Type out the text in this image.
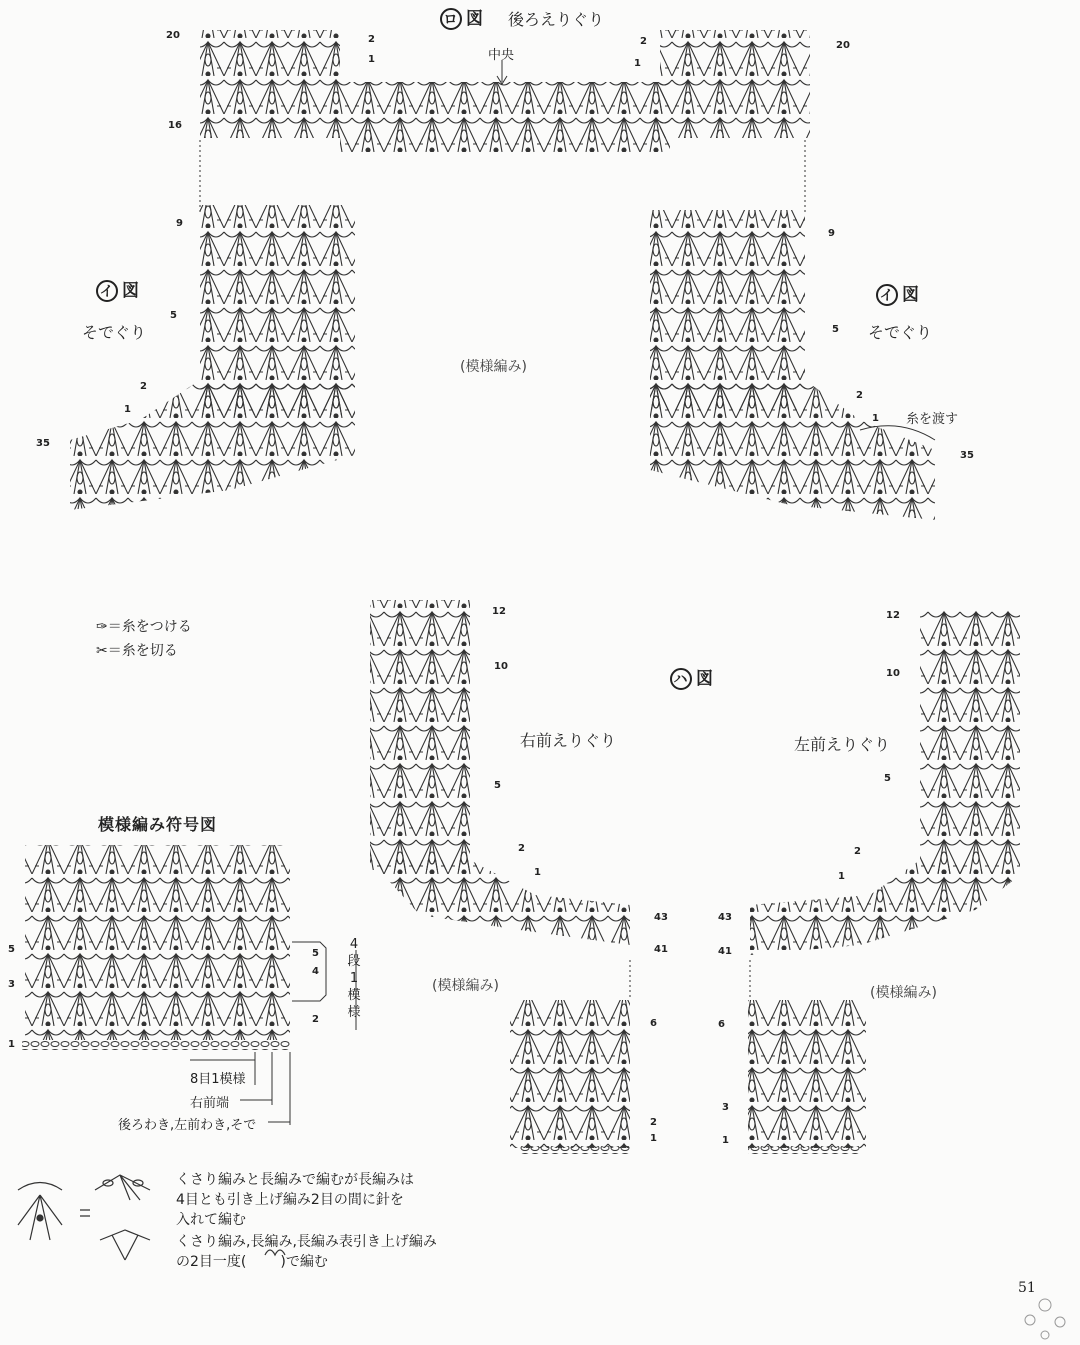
ロ 図 後ろえりぐり
中央
20	2
1
16
2
1
20
イ 図
そでぐり
9
5
2
1
35
イ 図
そでぐり
糸を渡す
9
5
2
1
35
(模様編み)
✑＝糸をつける
✂＝糸を切る
ハ 図
右前えりぐり	左前えりぐり
(模様編み)	(模様編み)
12
10
5
2
1
43
41
6
2
1
12
10
5
2
1
43
41
6
3
1
模様編み符号図
5
3
1
5
4
2
4
段
1
模
様
8目1模様
右前端
後ろわき,左前わき,そで
くさり編みと長編みで編むが長編みは
4目とも引き上げ編み2目の間に針を
入れて編む
くさり編み,長編み,長編み表引き上げ編み
の2目一度( )で編む
51
